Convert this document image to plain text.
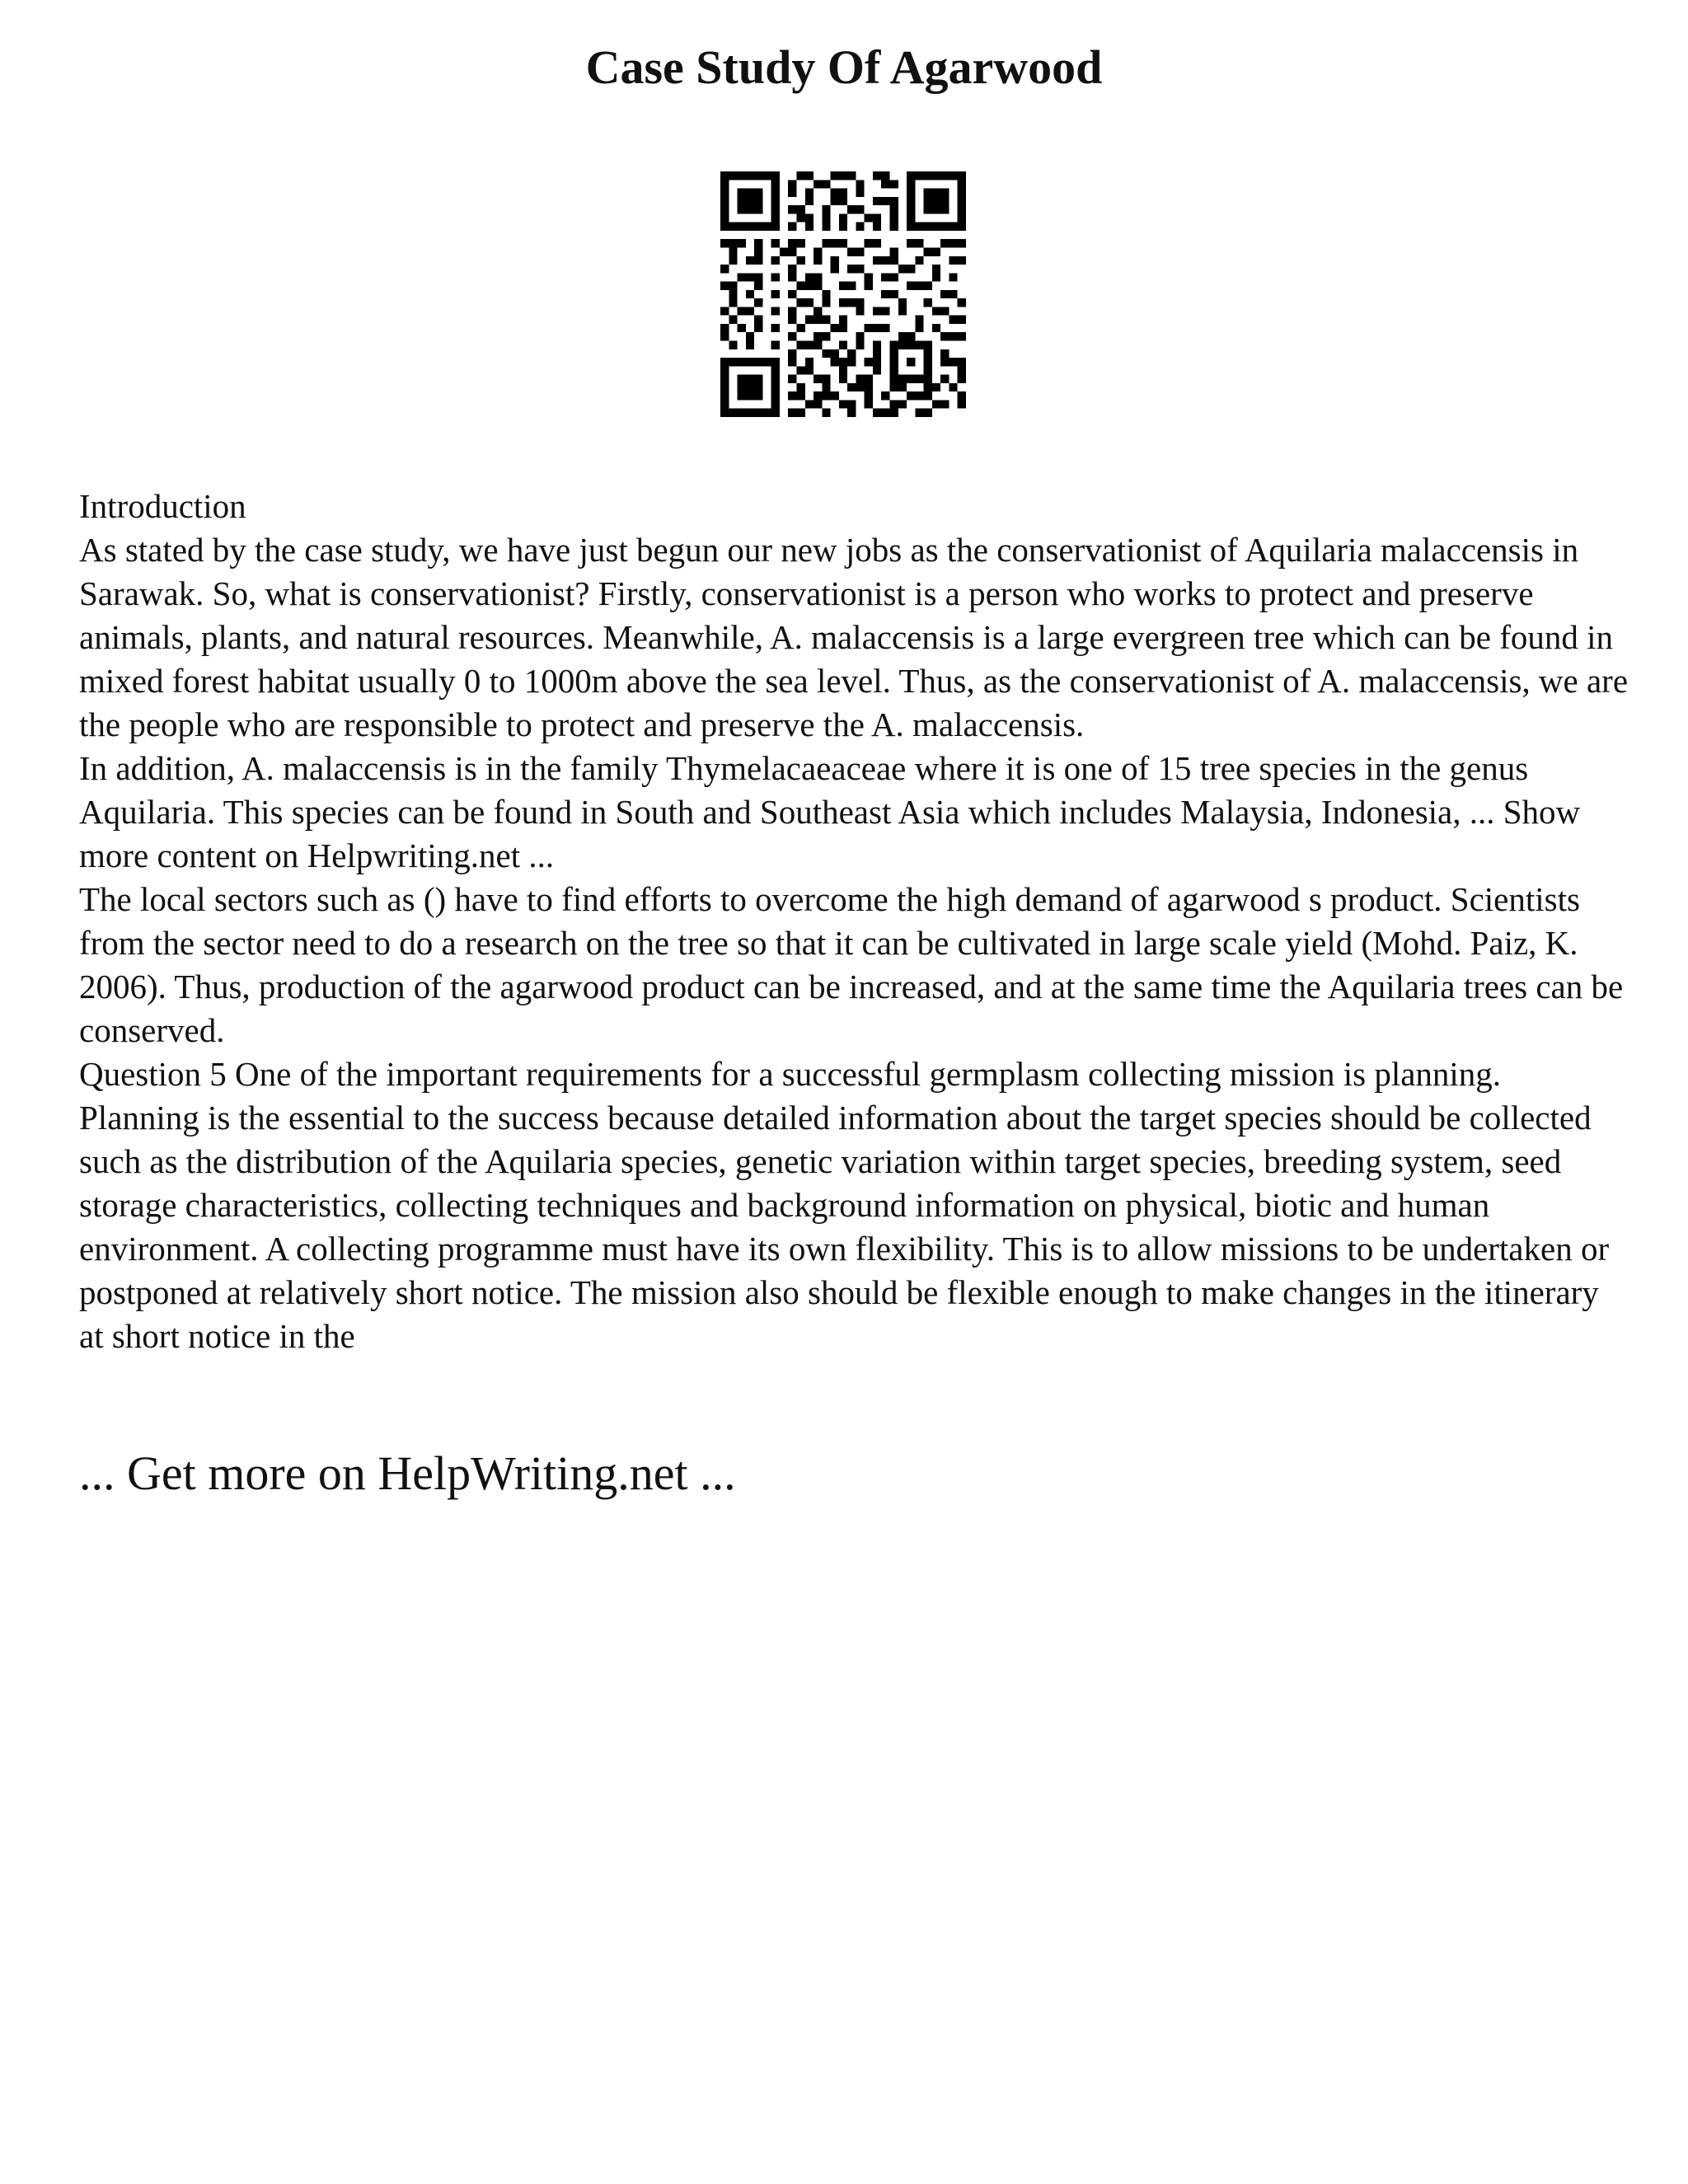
Case Study Of Agarwood

Introduction

As stated by the case study, we have just begun our new jobs as the conservationist of Aquilaria malaccensis in Sarawak. So, what is conservationist? Firstly, conservationist is a person who works to protect and preserve animals, plants, and natural resources. Meanwhile, A. malaccensis is a large evergreen tree which can be found in mixed forest habitat usually 0 to 1000m above the sea level. Thus, as the conservationist of A. malaccensis, we are the people who are responsible to protect and preserve the A. malaccensis.

In addition, A. malaccensis is in the family Thymelacaeaceae where it is one of 15 tree species in the genus Aquilaria. This species can be found in South and Southeast Asia which includes Malaysia, Indonesia, ... Show more content on Helpwriting.net ...

The local sectors such as () have to find efforts to overcome the high demand of agarwood s product. Scientists from the sector need to do a research on the tree so that it can be cultivated in large scale yield (Mohd. Paiz, K. 2006). Thus, production of the agarwood product can be increased, and at the same time the Aquilaria trees can be conserved.

Question 5 One of the important requirements for a successful germplasm collecting mission is planning. Planning is the essential to the success because detailed information about the target species should be collected such as the distribution of the Aquilaria species, genetic variation within target species, breeding system, seed storage characteristics, collecting techniques and background information on physical, biotic and human environment. A collecting programme must have its own flexibility. This is to allow missions to be undertaken or postponed at relatively short notice. The mission also should be flexible enough to make changes in the itinerary at short notice in the

... Get more on HelpWriting.net ...
